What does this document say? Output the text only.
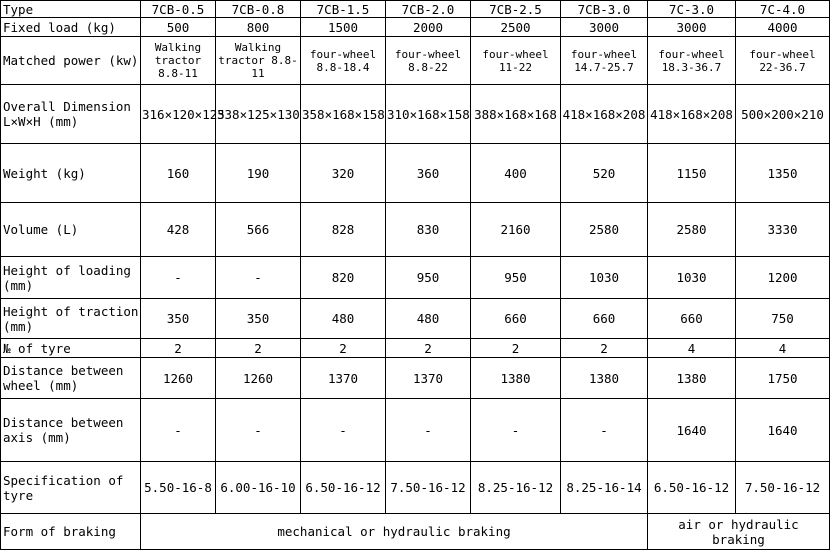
Type	7CB-0.5	7CB-0.8	7CB-1.5	7CB-2.0	7CB-2.5	7CB-3.0	7C-3.0	7C-4.0
Fixed load (kg)	500	800	1500	2000	2500	3000	3000	4000
Matched power (kw)	Walking tractor 8.8-11	Walking tractor 8.8-11	four-wheel 8.8-18.4	four-wheel 8.8-22	four-wheel 11-22	four-wheel 14.7-25.7	four-wheel 18.3-36.7	four-wheel 22-36.7
Overall Dimension L×W×H (mm)	316×120×125	338×125×130	358×168×158	310×168×158	388×168×168	418×168×208	418×168×208	500×200×210
Weight (kg)	160	190	320	360	400	520	1150	1350
Volume (L)	428	566	828	830	2160	2580	2580	3330
Height of loading (mm)	-	-	820	950	950	1030	1030	1200
Height of traction (mm)	350	350	480	480	660	660	660	750
№ of tyre	2	2	2	2	2	2	4	4
Distance between wheel (mm)	1260	1260	1370	1370	1380	1380	1380	1750
Distance between axis (mm)	-	-	-	-	-	-	1640	1640
Specification of tyre	5.50-16-8	6.00-16-10	6.50-16-12	7.50-16-12	8.25-16-12	8.25-16-14	6.50-16-12	7.50-16-12
Form of braking	mechanical or hydraulic braking						air or hydraulic braking	
